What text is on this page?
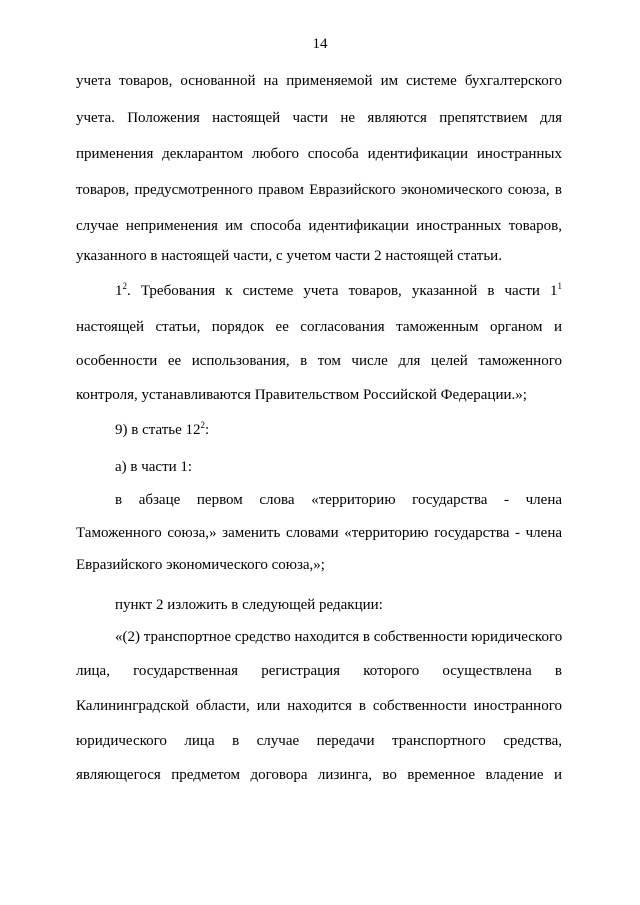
14
учета товаров, основанной на применяемой им системе бухгалтерского
учета. Положения настоящей части не являются препятствием для
применения декларантом любого способа идентификации иностранных
товаров, предусмотренного правом Евразийского экономического союза, в
случае неприменения им способа идентификации иностранных товаров,
указанного в настоящей части, с учетом части 2 настоящей статьи.
$1^2$. Требования к системе учета товаров, указанной в части $1^1$
настоящей статьи, порядок ее согласования таможенным органом и
особенности ее использования, в том числе для целей таможенного
контроля, устанавливаются Правительством Российской Федерации.»;
9) в статье $12^2$:
а) в части 1:
в абзаце первом слова «территорию государства - члена
Таможенного союза,» заменить словами «территорию государства - члена
Евразийского экономического союза,»;
пункт 2 изложить в следующей редакции:
«(2) транспортное средство находится в собственности юридического
лица, государственная регистрация которого осуществлена в
Калининградской области, или находится в собственности иностранного
юридического лица в случае передачи транспортного средства,
являющегося предметом договора лизинга, во временное владение и
